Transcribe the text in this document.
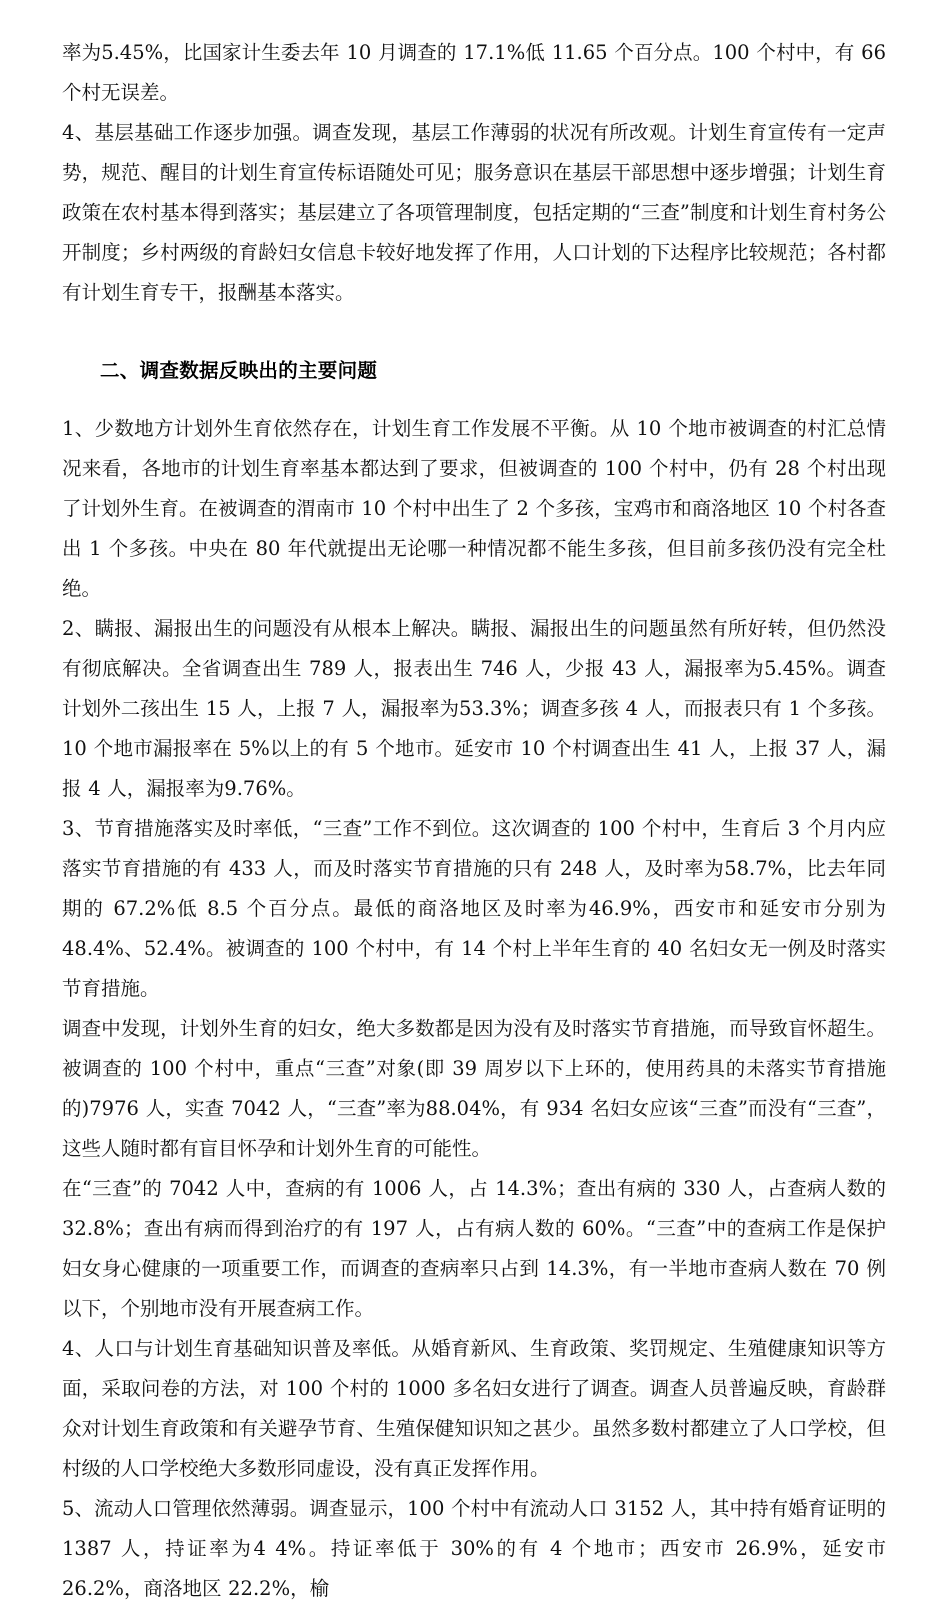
率为5.45%，比国家计生委去年 10 月调查的 17.1%低 11.65 个百分点。100 个村中，有 66 个村无误差。

4、基层基础工作逐步加强。调查发现，基层工作薄弱的状况有所改观。计划生育宣传有一定声势，规范、醒目的计划生育宣传标语随处可见；服务意识在基层干部思想中逐步增强；计划生育政策在农村基本得到落实；基层建立了各项管理制度，包括定期的“三查”制度和计划生育村务公开制度；乡村两级的育龄妇女信息卡较好地发挥了作用，人口计划的下达程序比较规范；各村都有计划生育专干，报酬基本落实。

二、调查数据反映出的主要问题

1、少数地方计划外生育依然存在，计划生育工作发展不平衡。从 10 个地市被调查的村汇总情况来看，各地市的计划生育率基本都达到了要求，但被调查的 100 个村中，仍有 28 个村出现了计划外生育。在被调查的渭南市 10 个村中出生了 2 个多孩，宝鸡市和商洛地区 10 个村各查出 1 个多孩。中央在 80 年代就提出无论哪一种情况都不能生多孩，但目前多孩仍没有完全杜绝。

2、瞒报、漏报出生的问题没有从根本上解决。瞒报、漏报出生的问题虽然有所好转，但仍然没有彻底解决。全省调查出生 789 人，报表出生 746 人，少报 43 人，漏报率为5.45%。调查计划外二孩出生 15 人，上报 7 人，漏报率为53.3%；调查多孩 4 人，而报表只有 1 个多孩。10 个地市漏报率在 5%以上的有 5 个地市。延安市 10 个村调查出生 41 人，上报 37 人，漏报 4 人，漏报率为9.76%。

3、节育措施落实及时率低，“三查”工作不到位。这次调查的 100 个村中，生育后 3 个月内应落实节育措施的有 433 人，而及时落实节育措施的只有 248 人，及时率为58.7%，比去年同期的 67.2%低 8.5 个百分点。最低的商洛地区及时率为46.9%，西安市和延安市分别为48.4%、52.4%。被调查的 100 个村中，有 14 个村上半年生育的 40 名妇女无一例及时落实节育措施。

调查中发现，计划外生育的妇女，绝大多数都是因为没有及时落实节育措施，而导致盲怀超生。被调查的 100 个村中，重点“三查”对象(即 39 周岁以下上环的，使用药具的未落实节育措施的)7976 人，实查 7042 人，“三查”率为88.04%，有 934 名妇女应该“三查”而没有“三查”，这些人随时都有盲目怀孕和计划外生育的可能性。

在“三查”的 7042 人中，查病的有 1006 人，占 14.3%；查出有病的 330 人，占查病人数的 32.8%；查出有病而得到治疗的有 197 人，占有病人数的 60%。“三查”中的查病工作是保护妇女身心健康的一项重要工作，而调查的查病率只占到 14.3%，有一半地市查病人数在 70 例以下，个别地市没有开展查病工作。

4、人口与计划生育基础知识普及率低。从婚育新风、生育政策、奖罚规定、生殖健康知识等方面，采取问卷的方法，对 100 个村的 1000 多名妇女进行了调查。调查人员普遍反映，育龄群众对计划生育政策和有关避孕节育、生殖保健知识知之甚少。虽然多数村都建立了人口学校，但村级的人口学校绝大多数形同虚设，没有真正发挥作用。

5、流动人口管理依然薄弱。调查显示，100 个村中有流动人口 3152 人，其中持有婚育证明的 1387 人，持证率为4 4%。持证率低于 30%的有 4 个地市；西安市 26.9%，延安市 26.2%，商洛地区 22.2%，榆
